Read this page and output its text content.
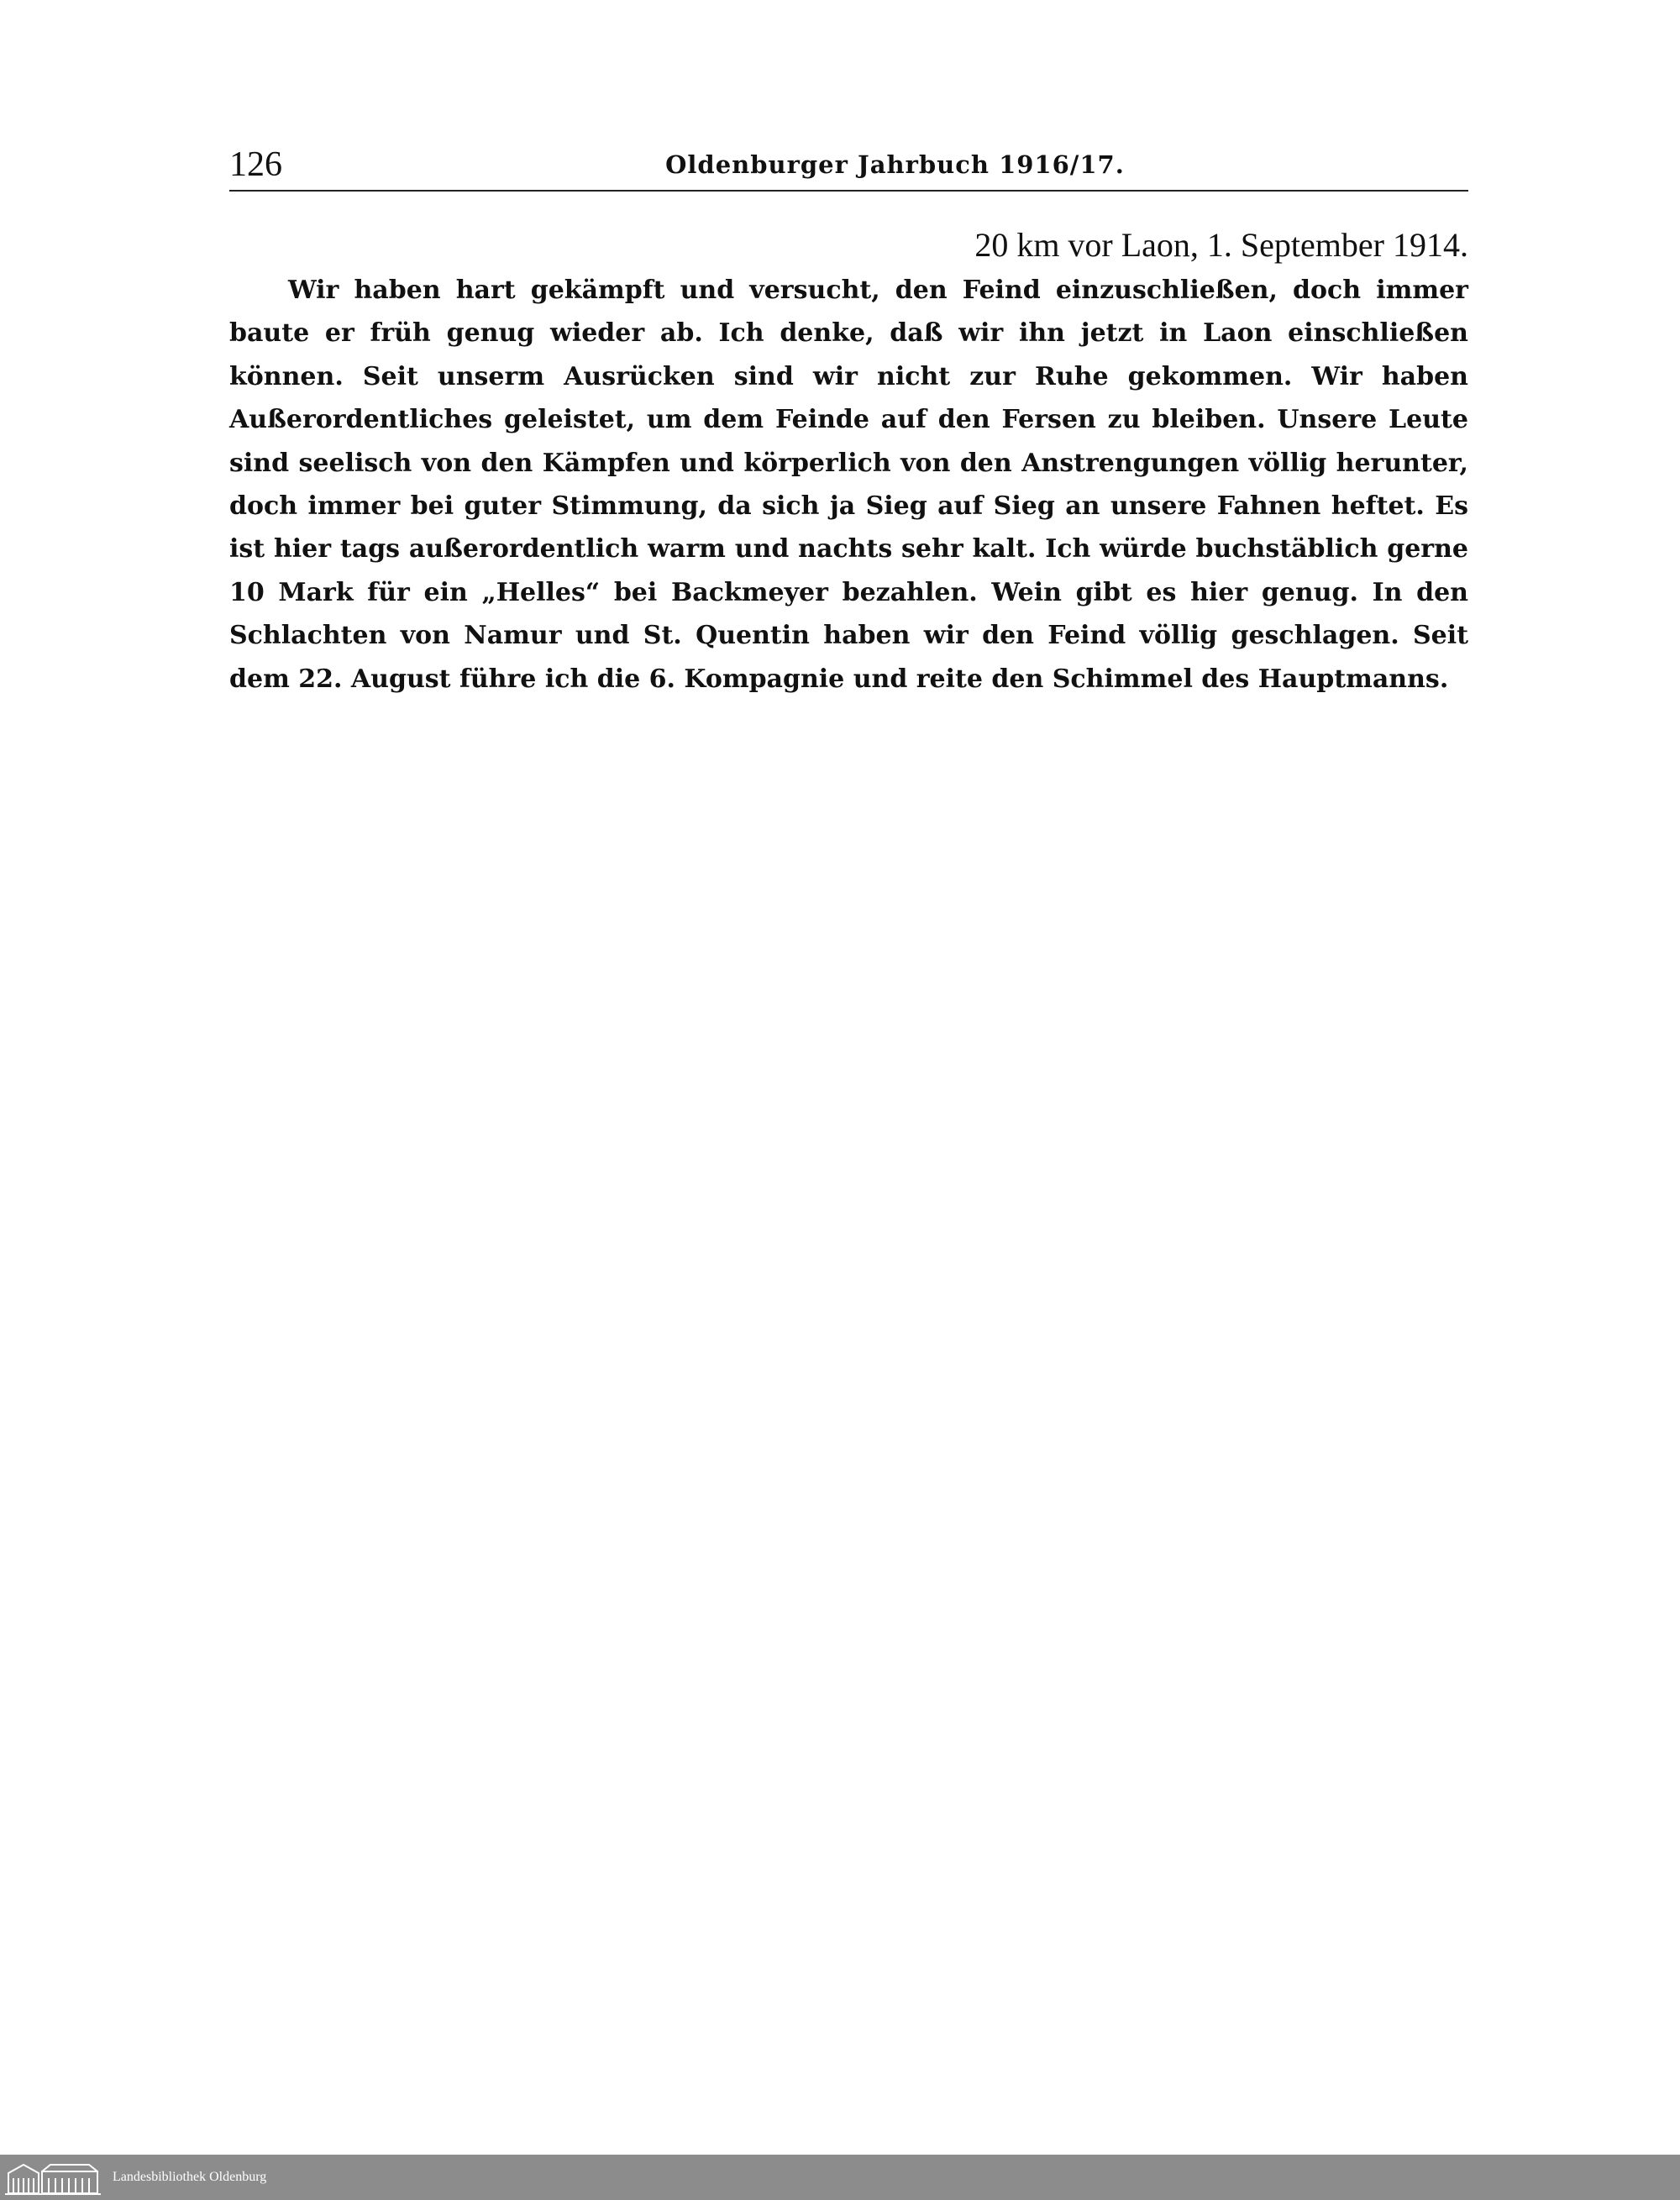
126	Oldenburger Jahrbuch 1916/17.
20 km vor Laon, 1. September 1914.

Wir haben hart gekämpft und versucht, den Feind einzuschließen, doch immer baute er früh genug wieder ab. Ich denke, daß wir ihn jetzt in Laon einschließen können. Seit unserm Ausrücken sind wir nicht zur Ruhe gekommen. Wir haben Außerordentliches geleistet, um dem Feinde auf den Fersen zu bleiben. Unsere Leute sind seelisch von den Kämpfen und körperlich von den Anstrengungen völlig herunter, doch immer bei guter Stimmung, da sich ja Sieg auf Sieg an unsere Fahnen heftet. Es ist hier tags außerordentlich warm und nachts sehr kalt. Ich würde buchstäblich gerne 10 Mark für ein „Helles“ bei Backmeyer bezahlen. Wein gibt es hier genug. In den Schlachten von Namur und St. Quentin haben wir den Feind völlig geschlagen. Seit dem 22. August führe ich die 6. Kompagnie und reite den Schimmel des Hauptmanns.

Landesbibliothek Oldenburg
